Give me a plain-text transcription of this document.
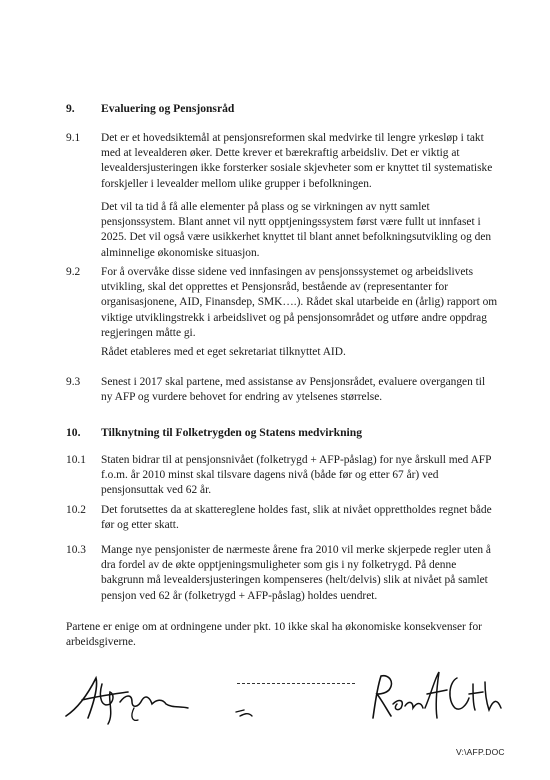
9. Evaluering og Pensjonsråd
9.1 Det er et hovedsiktemål at pensjonsreformen skal medvirke til lengre yrkesløp i takt
med at levealderen øker. Dette krever et bærekraftig arbeidsliv. Det er viktig at
levealdersjusteringen ikke forsterker sosiale skjevheter som er knyttet til systematiske
forskjeller i levealder mellom ulike grupper i befolkningen.
Det vil ta tid å få alle elementer på plass og se virkningen av nytt samlet
pensjonssystem. Blant annet vil nytt opptjeningssystem først være fullt ut innfaset i
2025. Det vil også være usikkerhet knyttet til blant annet befolkningsutvikling og den
alminnelige økonomiske situasjon.
9.2 For å overvåke disse sidene ved innfasingen av pensjonssystemet og arbeidslivets
utvikling, skal det opprettes et Pensjonsråd, bestående av (representanter for
organisasjonene, AID, Finansdep, SMK….). Rådet skal utarbeide en (årlig) rapport om
viktige utviklingstrekk i arbeidslivet og på pensjonsområdet og utføre andre oppdrag
regjeringen måtte gi.
Rådet etableres med et eget sekretariat tilknyttet AID.
9.3 Senest i 2017 skal partene, med assistanse av Pensjonsrådet, evaluere overgangen til
ny AFP og vurdere behovet for endring av ytelsenes størrelse.
10. Tilknytning til Folketrygden og Statens medvirkning
10.1 Staten bidrar til at pensjonsnivået (folketrygd + AFP-påslag) for nye årskull med AFP
f.o.m. år 2010 minst skal tilsvare dagens nivå (både før og etter 67 år) ved
pensjonsuttak ved 62 år.
10.2 Det forutsettes da at skattereglene holdes fast, slik at nivået opprettholdes regnet både
før og etter skatt.
10.3 Mange nye pensjonister de nærmeste årene fra 2010 vil merke skjerpede regler uten å
dra fordel av de økte opptjeningsmuligheter som gis i ny folketrygd. På denne
bakgrunn må levealdersjusteringen kompenseres (helt/delvis) slik at nivået på samlet
pensjon ved 62 år (folketrygd + AFP-påslag) holdes uendret.
Partene er enige om at ordningene under pkt. 10 ikke skal ha økonomiske konsekvenser for
arbeidsgiverne.
V:\AFP.DOC
